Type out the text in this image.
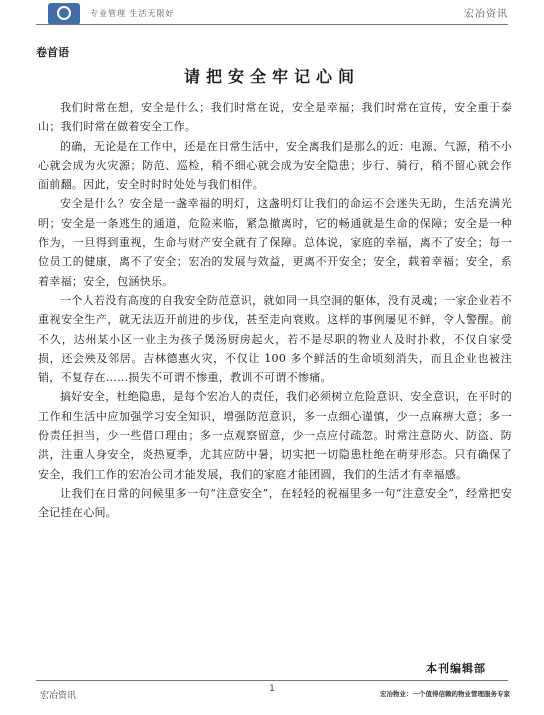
专业管理 生活无限好	宏冶资讯
卷首语
请把安全牢记心间

我们时常在想，安全是什么；我们时常在说，安全是幸福；我们时常在宣传，安全重于泰山；我们时常在做着安全工作。

的确，无论是在工作中，还是在日常生活中，安全离我们是那么的近：电源、气源，稍不小心就会成为火灾源；防范、巡检，稍不细心就会成为安全隐患；步行、骑行，稍不留心就会作面前翻。因此，安全时时时处处与我们相伴。

安全是什么？安全是一盏幸福的明灯，这盏明灯让我们的命运不会迷失无助，生活充满光明；安全是一条逃生的通道，危险来临，紧急撤离时，它的畅通就是生命的保障；安全是一种作为，一旦得到重视，生命与财产安全就有了保障。总体说，家庭的幸福，离不了安全；每一位员工的健康，离不了安全；宏冶的发展与效益，更离不开安全；安全，载着幸福；安全，系着幸福；安全，包涵快乐。

一个人若没有高度的自我安全防范意识，就如同一具空洞的躯体，没有灵魂；一家企业若不重视安全生产，就无法迈开前进的步伐，甚至走向衰败。这样的事例屡见不鲜，令人警醒。前不久，达州某小区一业主为孩子煲汤厨房起火，若不是尽职的物业人及时扑救，不仅自家受损，还会殃及邻居。吉林德惠火灾，不仅让 100 多个鲜活的生命顷刻消失，而且企业也被注销，不复存在……损失不可谓不惨重，教训不可谓不惨痛。

搞好安全，杜绝隐患，是每个宏冶人的责任，我们必须树立危险意识、安全意识，在平时的工作和生活中应加强学习安全知识，增强防范意识，多一点细心谨慎，少一点麻痹大意；多一份责任担当，少一些借口理由；多一点观察留意，少一点应付疏忽。时常注意防火、防盗、防洪，注重人身安全，炎热夏季，尤其应防中暑，切实把一切隐患杜绝在萌芽形态。只有确保了安全，我们工作的宏冶公司才能发展，我们的家庭才能团圆，我们的生活才有幸福感。

让我们在日常的问候里多一句“注意安全”，在轻轻的祝福里多一句“注意安全”，经常把安全记挂在心间。

本刊编辑部
宏冶资讯
1	宏冶物业：一个值得信赖的物业管理服务专家
